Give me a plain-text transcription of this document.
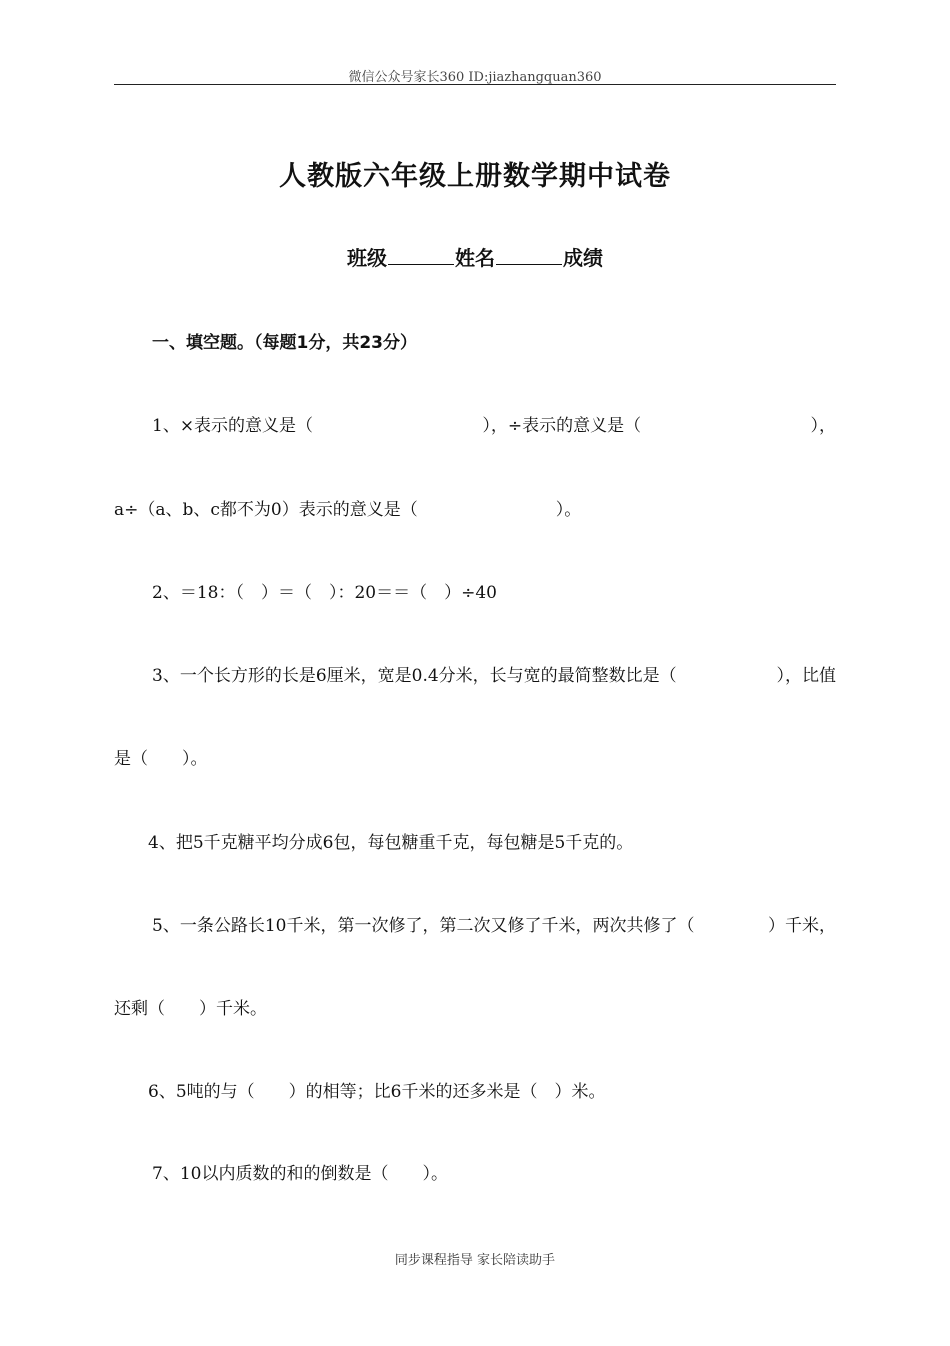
微信公众号家长360 ID:jiazhangquan360
人教版六年级上册数学期中试卷
班级	姓名	成绩
一、填空题。（每题1分，共23分）
1、×表示的意义是（	），÷表示的意义是（	），
a÷（a、b、c都不为0）表示的意义是（	）。
2、＝18：（　）＝（　）：20＝＝（　）÷40
3、一个长方形的长是6厘米，宽是0.4分米，长与宽的最简整数比是（	），比值
是（　　）。
4、把5千克糖平均分成6包，每包糖重千克，每包糖是5千克的。
5、一条公路长10千米，第一次修了，第二次又修了千米，两次共修了（	）千米，
还剩（　　）千米。
6、5吨的与（　　）的相等；比6千米的还多米是（　）米。
7、10以内质数的和的倒数是（　　）。
同步课程指导 家长陪读助手
